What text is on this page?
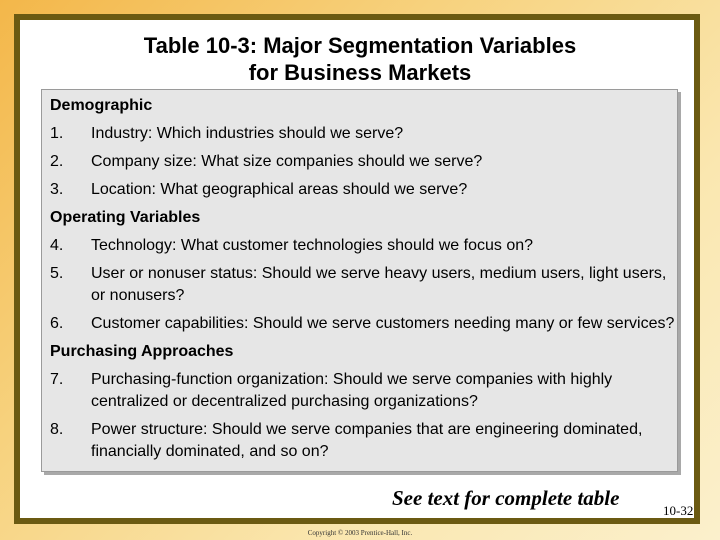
Table 10-3: Major Segmentation Variables
for Business Markets
Demographic
1.	Industry: Which industries should we serve?
2.	Company size: What size companies should we serve?
3.	Location: What geographical areas should we serve?
Operating Variables
4.	Technology: What customer technologies should we focus on?
5.	User or nonuser status: Should we serve heavy users, medium users, light users, or nonusers?
6.	Customer capabilities: Should we serve customers needing many or few services?
Purchasing Approaches
7.	Purchasing-function organization: Should we serve companies with highly centralized or decentralized purchasing organizations?
8.	Power structure: Should we serve companies that are engineering dominated, financially dominated, and so on?
See text for complete table
10-32
Copyright © 2003 Prentice-Hall, Inc.
